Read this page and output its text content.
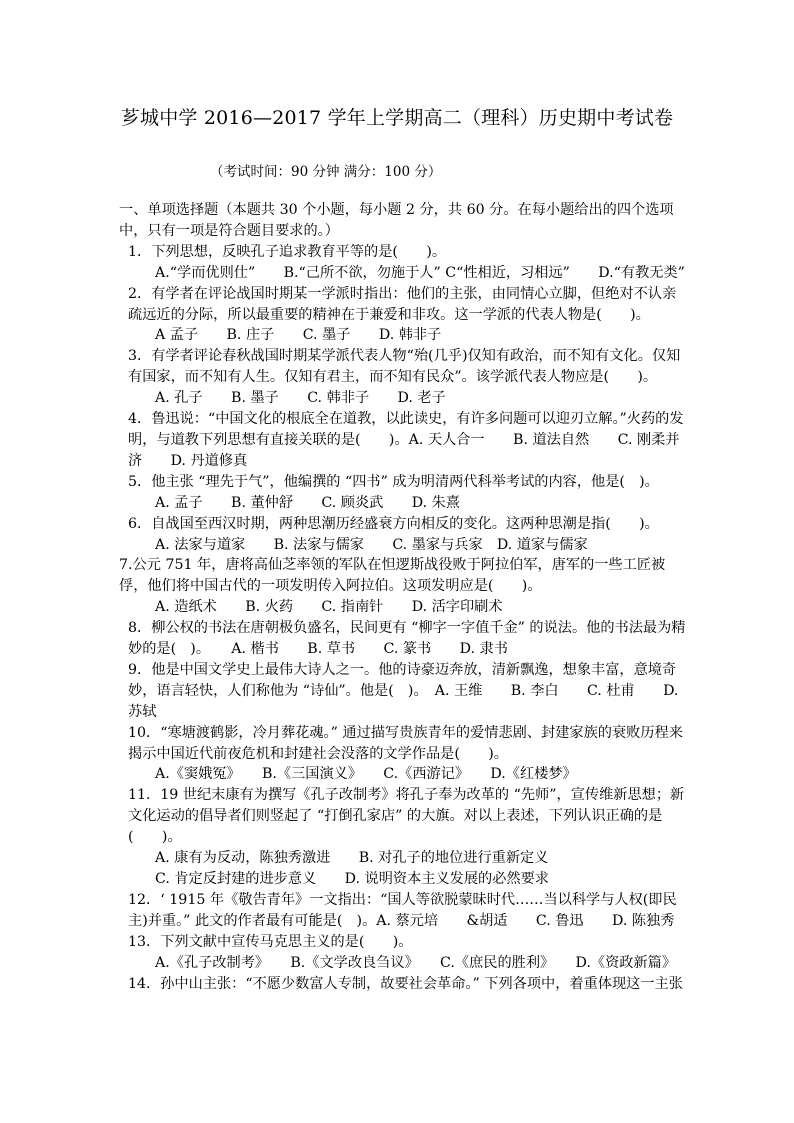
芗城中学 2016—2017 学年上学期高二（理科）历史期中考试卷
（考试时间：90 分钟 满分：100 分）

一、单项选择题（本题共 30 个小题，每小题 2 分，共 60 分。在每小题给出的四个选项中，只有一项是符合题目要求的。）

1．下列思想，反映孔子追求教育平等的是(　　)。

A.“学而优则仕”　　B.“己所不欲，勿施于人” C“性相近，习相远”　　D.“有教无类”

2．有学者在评论战国时期某一学派时指出：他们的主张，由同情心立脚，但绝对不认亲疏远近的分际，所以最重要的精神在于兼爱和非攻。这一学派的代表人物是(　　)。

A 孟子　　B. 庄子　　C. 墨子　　D. 韩非子

3．有学者评论春秋战国时期某学派代表人物“殆(几乎)仅知有政治，而不知有文化。仅知有国家，而不知有人生。仅知有君主，而不知有民众”。该学派代表人物应是(　　)。

A. 孔子　　B. 墨子　　C. 韩非子　　D. 老子

4．鲁迅说：“中国文化的根底全在道教，以此读史，有许多问题可以迎刃立解。”火药的发明，与道教下列思想有直接关联的是(　　)。A. 天人合一　　B. 道法自然　　C. 刚柔并济　　D. 丹道修真

5．他主张 “理先于气”，他编撰的 “四书” 成为明清两代科举考试的内容，他是(　)。

A. 孟子　　B. 董仲舒　　C. 顾炎武　　D. 朱熹

6．自战国至西汉时期，两种思潮历经盛衰方向相反的变化。这两种思潮是指(　　)。

A. 法家与道家　　B. 法家与儒家　　C. 墨家与兵家　D. 道家与儒家

7.公元 751 年，唐将高仙芝率领的军队在怛逻斯战役败于阿拉伯军，唐军的一些工匠被俘，他们将中国古代的一项发明传入阿拉伯。这项发明应是(　　)。

A. 造纸术　　B. 火药　　C. 指南针　　D. 活字印刷术

8．柳公权的书法在唐朝极负盛名，民间更有 “柳字一字值千金” 的说法。他的书法最为精妙的是(　)。　　A. 楷书　　B. 草书　　C. 篆书　　D. 隶书

9．他是中国文学史上最伟大诗人之一。他的诗豪迈奔放，清新飘逸，想象丰富，意境奇妙，语言轻快，人们称他为 “诗仙”。他是(　)。　A. 王维　　B. 李白　　C. 杜甫　　D. 苏轼

10．“寒塘渡鹤影，冷月葬花魂。” 通过描写贵族青年的爱情悲剧、封建家族的衰败历程来揭示中国近代前夜危机和封建社会没落的文学作品是(　　)。

A.《窦娥冤》　　B.《三国演义》　　C.《西游记》　　D.《红楼梦》

11．19 世纪末康有为撰写《孔子改制考》将孔子奉为改革的 “先师”，宣传维新思想；新文化运动的倡导者们则竖起了 “打倒孔家店” 的大旗。对以上表述，下列认识正确的是(　　)。

A. 康有为反动，陈独秀激进　　B. 对孔子的地位进行重新定义

C. 肯定反封建的进步意义　　D. 说明资本主义发展的必然要求

12．‘ 1915 年《敬告青年》一文指出：“国人等欲脱蒙昧时代……当以科学与人权(即民主)并重。” 此文的作者最有可能是(　)。A. 蔡元培　　&胡适　　C. 鲁迅　　D. 陈独秀

13．下列文献中宣传马克思主义的是(　　)。

A.《孔子改制考》　　B.《文学改良刍议》　　C.《庶民的胜利》　　D.《资政新篇》

14．孙中山主张：“不愿少数富人专制，故要社会革命。” 下列各项中，着重体现这一主张
